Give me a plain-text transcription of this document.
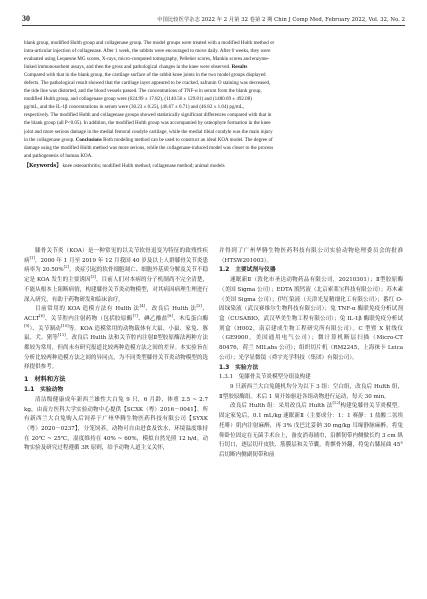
30	中国比较医学杂志 2022 年 2 月第 32 卷第 2 期 Chin J Comp Med, February 2022, Vol. 32, No. 2
blank group, modified Hulth group and collagenase group. The model groups were treated with a modified Hulth method or
intra-articular injection of collagenase. After 1 week, the rabbits were encouraged to move daily. After 6 weeks, they were
evaluated using Lequesne MG scores, X-rays, micro-computed tomography, Pelletier scores, Mankin scores and enzyme-
linked immunosorbent assays, and then the gross and pathological changes in the knee were observed. Results
Compared with that in the blank group, the cartilage surface of the rabbit knee joints in the two model groups displayed
defects. The pathological result showed that the cartilage layer appeared to be cracked, safranin O staining was decreased,
the tide line was distorted, and the blood vessels passed. The concentrations of TNF-α in serum from the blank group,
modified Hulth group, and collagenase group were (624.99 ± 17.82), (1140.56 ± 129.81) and (1480.69 ± 492.08)
pg/mL, and the IL-1β concentrations in serum were (30.23 ± 0.25), (46.67 ± 0.71) and (46.82 ± 1.04) pg/mL,
respectively. The modified Hulth and collagenase groups showed statistically significant differences compared with that in
the blank group (all P<0.05). In addition, the modified Hulth group was accompanied by osteophyte formation in the knee
joint and more serious damage in the medial femoral condyle cartilage, while the medial tibial condyle was the main injury
in the collagenase group. Conclusions Both modeling method can be used to construct an ideal KOA model. The degree of
damage using the modified Hulth method was more serious, while the collagenase-induced model was closer to the process
and pathogenesis of human KOA.
【Keywords】 knee osteoarthritis; modified Hulth method; collagenase method; animal models

膝骨关节炎（KOA）是一种常见的以关节软骨退变为特征的致残性疾病[1]，2000 年 1 月至 2019 年 12 月我国 40 岁及以上人群膝骨关节炎患病率为 20.50%[2]。炎症引起的软骨细胞凋亡、细胞外基质分解及关节不稳定是 KOA 发生的主要诱因[3]。目前人们对本病的分子机制尚不完全清楚，不能从根本上阻断病情，构建膝骨关节炎动物模型，对其病因病理生理进行深入研究，有助于药物研发和临床治疗。

目前常用的 KOA 造模方法有 Hulth 法[4]、改良后 Hulth 法[5]、ACLT[6]、关节腔内注射药物（包括胶原酶[7]、碘乙酸盐[8]、木瓜蛋白酶[9]）、关节制动[10]等。KOA 造模常用的动物载体有大鼠、小鼠、家兔、豚鼠、犬、猪等[11]。改良后 Hulth 法和关节腔内注射Ⅱ型胶原酶法两种方法都较为常用，但尚未有研究报道比较两种造模方法之间的差异。本实验旨在分析比较两种造模方法之间的异同点，为不同类型膝骨关节炎动物模型的选择提供参考。

1　材料和方法
1.1　实验动物

清洁级健康成年新西兰雄性大白兔 9 只，6 月龄，体重 2.5 ~ 2.7 kg，由南方医科大学实验动物中心提供【SCXK（粤）2016－0041】。所有新西兰大白兔购入后饲养于广州华腾生物医药科技有限公司【SYXK（粤）2020－0237】，分笼饲养，动物可自由进食及饮水，环境温度维持在 20℃ ~ 25℃，湿度维持在 40% ~ 60%，模拟自然光照 12 h/d。动物实验及研究过程遵循 3R 原则，给予动物人道主义关怀，

并得到了广州华腾生物医药科技有限公司实验动物伦理委员会的批准（HTSW201003）。

1.2　主要试剂与仪器

速眠新Ⅱ（敦化市圣达动物药品有限公司，20210301）；Ⅱ型胶原酶（美国 Sigma 公司）；EDTA 脱钙液（北京索莱宝科技有限公司）；苏木素（美国 Sigma 公司）；伊红染液（天津光复精细化工有限公司）；番红 O-固绿染液（武汉赛维尔生物科技有限公司）；兔 TNF-α 酶联免疫分析试剂盒（CUSABIO，武汉华美生物工程有限公司）；兔 IL-1β 酶联免疫分析试剂盒（H002，南京建成生物工程研究所有限公司）。C 型臂 X 射线仪（GE9900，美国通用电气公司）；微计算机断层扫描（Micro-CT 80476，荷兰 MILabs 公司）；组织切片机（RM2245，上海徕卡 Leica 公司）；光学显微镜（舜宇光学科技（集团）有限公司）。

1.3　实验方法
1.3.1　兔膝骨关节炎模型分组及构建

9 只新西兰大白兔随机均分为以下 3 组：空白组，改良后 Hulth 组，Ⅱ型胶原酶组。术后 1 周开始驱赶各组动物进行运动，每天 30 min。

改良后 Hulth 组：采用改良后 Hulth 法[12]构建兔膝骨关节炎模型。固定家兔后，0.1 mL/kg 速眠新Ⅱ（主要成分：1：1 赛静：1 盐酸二氢埃托啡）肌内注射麻醉，再 3% 戊巴比妥钠 30 mg/kg 耳缘静脉麻醉。将兔仰卧位固定在无菌手术台上，备皮消毒铺巾，沿髌韧带内侧做长约 3 cm 纵行切口，逐层切开皮肤、筋膜层和关节囊，将髌骨外翻，将兔右膝屈曲 45°后切断内侧副韧带和前
